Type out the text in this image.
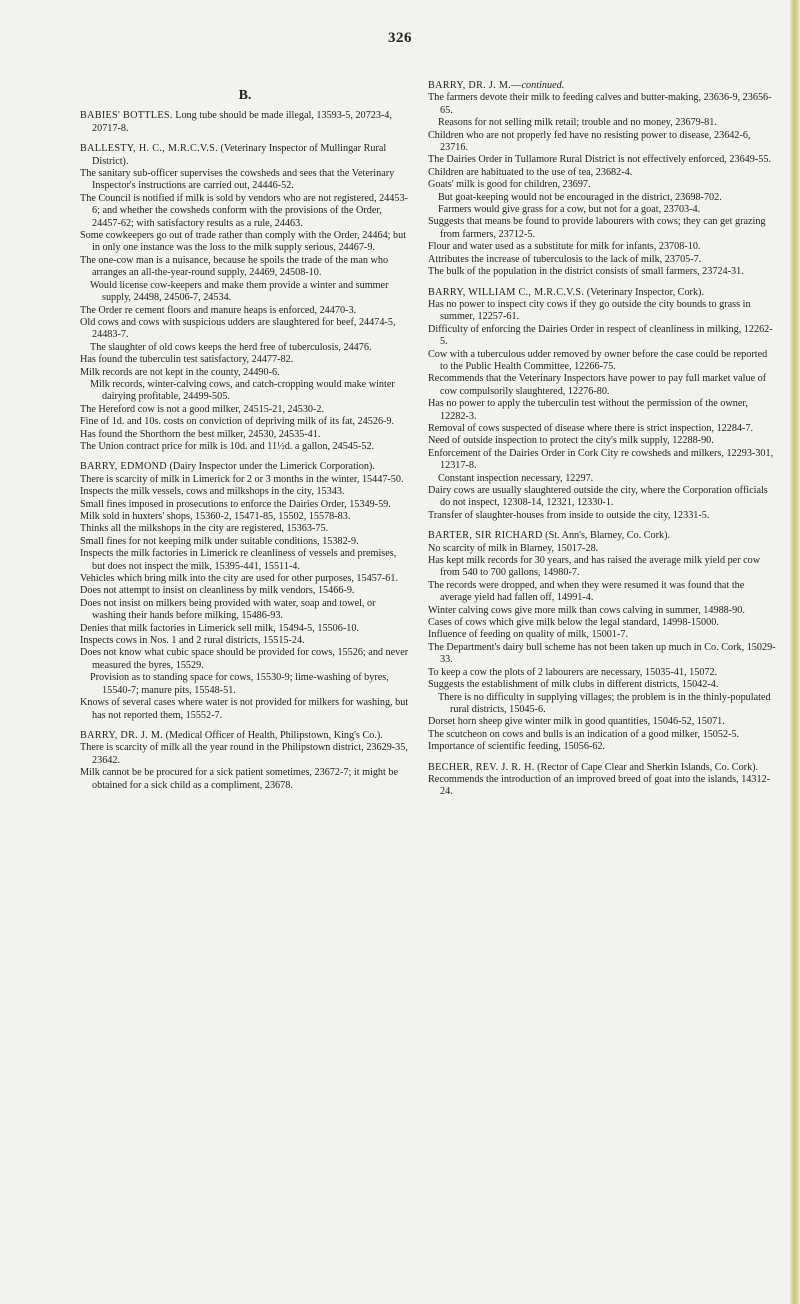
326
B.
BABIES' BOTTLES. Long tube should be made illegal, 13593-5, 20723-4, 20717-8.
BALLESTY, H. C., M.R.C.V.S. (Veterinary Inspector of Mullingar Rural District).
The sanitary sub-officer supervises the cowsheds and sees that the Veterinary Inspector's instructions are carried out, 24446-52.
The Council is notified if milk is sold by vendors who are not registered, 24453-6; and whether the cowsheds conform with the provisions of the Order, 24457-62; with satisfactory results as a rule, 24463.
Some cowkeepers go out of trade rather than comply with the Order, 24464; but in only one instance was the loss to the milk supply serious, 24467-9.
The one-cow man is a nuisance, because he spoils the trade of the man who arranges an all-the-year-round supply, 24469, 24508-10.
Would license cow-keepers and make them provide a winter and summer supply, 24498, 24506-7, 24534.
The Order re cement floors and manure heaps is enforced, 24470-3.
Old cows and cows with suspicious udders are slaughtered for beef, 24474-5, 24483-7.
The slaughter of old cows keeps the herd free of tuberculosis, 24476.
Has found the tuberculin test satisfactory, 24477-82.
Milk records are not kept in the county, 24490-6.
Milk records, winter-calving cows, and catch-cropping would make winter dairying profitable, 24499-505.
The Hereford cow is not a good milker, 24515-21, 24530-2.
Fine of 1d. and 10s. costs on conviction of depriving milk of its fat, 24526-9.
Has found the Shorthorn the best milker, 24530, 24535-41.
The Union contract price for milk is 10d. and 11½d. a gallon, 24545-52.
BARRY, EDMOND (Dairy Inspector under the Limerick Corporation).
There is scarcity of milk in Limerick for 2 or 3 months in the winter, 15447-50.
Inspects the milk vessels, cows and milkshops in the city, 15343.
Small fines imposed in prosecutions to enforce the Dairies Order, 15349-59.
Milk sold in huxters' shops, 15360-2, 15471-85, 15502, 15578-83.
Thinks all the milkshops in the city are registered, 15363-75.
Small fines for not keeping milk under suitable conditions, 15382-9.
Inspects the milk factories in Limerick re cleanliness of vessels and premises, but does not inspect the milk, 15395-441, 15511-4.
Vehicles which bring milk into the city are used for other purposes, 15457-61.
Does not attempt to insist on cleanliness by milk vendors, 15466-9.
Does not insist on milkers being provided with water, soap and towel, or washing their hands before milking, 15486-93.
Denies that milk factories in Limerick sell milk, 15494-5, 15506-10.
Inspects cows in Nos. 1 and 2 rural districts, 15515-24.
Does not know what cubic space should be provided for cows, 15526; and never measured the byres, 15529.
Provision as to standing space for cows, 15530-9; lime-washing of byres, 15540-7; manure pits, 15548-51.
Knows of several cases where water is not provided for milkers for washing, but has not reported them, 15552-7.
BARRY, DR. J. M. (Medical Officer of Health, Philipstown, King's Co.).
There is scarcity of milk all the year round in the Philipstown district, 23629-35, 23642.
Milk cannot be be procured for a sick patient sometimes, 23672-7; it might be obtained for a sick child as a compliment, 23678.
BARRY, DR. J. M.—continued.
The farmers devote their milk to feeding calves and butter-making, 23636-9, 23656-65.
Reasons for not selling milk retail; trouble and no money, 23679-81.
Children who are not properly fed have no resisting power to disease, 23642-6, 23716.
The Dairies Order in Tullamore Rural District is not effectively enforced, 23649-55.
Children are habituated to the use of tea, 23682-4.
Goats' milk is good for children, 23697.
But goat-keeping would not be encouraged in the district, 23698-702.
Farmers would give grass for a cow, but not for a goat, 23703-4.
Suggests that means be found to provide labourers with cows; they can get grazing from farmers, 23712-5.
Flour and water used as a substitute for milk for infants, 23708-10.
Attributes the increase of tuberculosis to the lack of milk, 23705-7.
The bulk of the population in the district consists of small farmers, 23724-31.
BARRY, WILLIAM C., M.R.C.V.S. (Veterinary Inspector, Cork).
Has no power to inspect city cows if they go outside the city bounds to grass in summer, 12257-61.
Difficulty of enforcing the Dairies Order in respect of cleanliness in milking, 12262-5.
Cow with a tuberculous udder removed by owner before the case could be reported to the Public Health Committee, 12266-75.
Recommends that the Veterinary Inspectors have power to pay full market value of cow compulsorily slaughtered, 12276-80.
Has no power to apply the tuberculin test without the permission of the owner, 12282-3.
Removal of cows suspected of disease where there is strict inspection, 12284-7.
Need of outside inspection to protect the city's milk supply, 12288-90.
Enforcement of the Dairies Order in Cork City re cowsheds and milkers, 12293-301, 12317-8.
Constant inspection necessary, 12297.
Dairy cows are usually slaughtered outside the city, where the Corporation officials do not inspect, 12308-14, 12321, 12330-1.
Transfer of slaughter-houses from inside to outside the city, 12331-5.
BARTER, SIR RICHARD (St. Ann's, Blarney, Co. Cork).
No scarcity of milk in Blarney, 15017-28.
Has kept milk records for 30 years, and has raised the average milk yield per cow from 540 to 700 gallons, 14980-7.
The records were dropped, and when they were resumed it was found that the average yield had fallen off, 14991-4.
Winter calving cows give more milk than cows calving in summer, 14988-90.
Cases of cows which give milk below the legal standard, 14998-15000.
Influence of feeding on quality of milk, 15001-7.
The Department's dairy bull scheme has not been taken up much in Co. Cork, 15029-33.
To keep a cow the plots of 2 labourers are necessary, 15035-41, 15072.
Suggests the establishment of milk clubs in different districts, 15042-4.
There is no difficulty in supplying villages; the problem is in the thinly-populated rural districts, 15045-6.
Dorset horn sheep give winter milk in good quantities, 15046-52, 15071.
The scutcheon on cows and bulls is an indication of a good milker, 15052-5.
Importance of scientific feeding, 15056-62.
BECHER, REV. J. R. H. (Rector of Cape Clear and Sherkin Islands, Co. Cork).
Recommends the introduction of an improved breed of goat into the islands, 14312-24.
